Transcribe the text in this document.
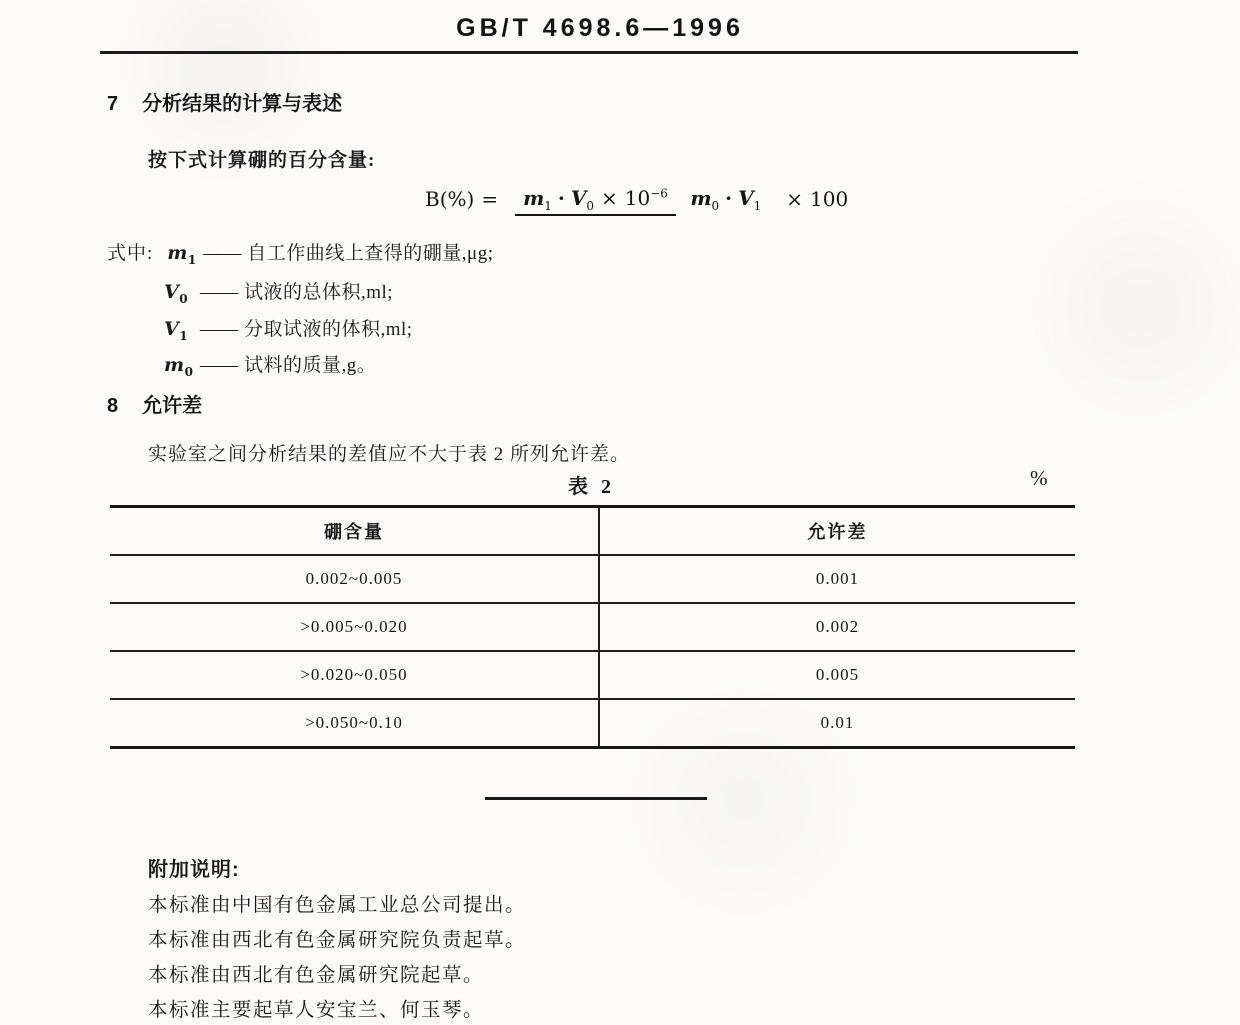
GB/T 4698.6—1996
7 分析结果的计算与表述
按下式计算硼的百分含量:
B(%) =	$m_1 \cdot V_0 \times 10^{-6}$ $m_0 \cdot V_1$	× 100
式中: $m_1$ —— 自工作曲线上查得的硼量,μg;
$V_0$ —— 试液的总体积,ml;
$V_1$ —— 分取试液的体积,ml;
$m_0$ —— 试料的质量,g。
8 允许差
实验室之间分析结果的差值应不大于表 2 所列允许差。
表 2	%
硼含量	允许差
0.002~0.005	0.001
>0.005~0.020	0.002
>0.020~0.050	0.005
>0.050~0.10	0.01
附加说明:
本标准由中国有色金属工业总公司提出。
本标准由西北有色金属研究院负责起草。
本标准由西北有色金属研究院起草。
本标准主要起草人安宝兰、何玉琴。
